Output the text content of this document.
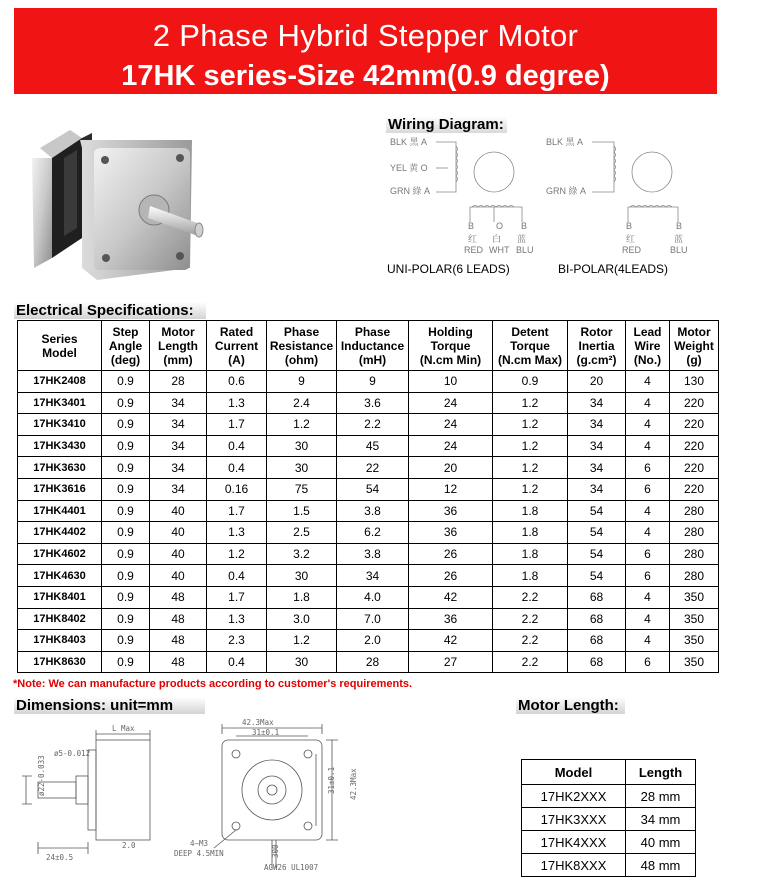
2 Phase Hybrid Stepper Motor
17HK series-Size 42mm(0.9 degree)
Wiring Diagram:
BLK 黑 A
YEL 黄 O
GRN 綠 A
B O B
红 白 蓝
RED WHT BLU
BLK 黑 A
GRN 綠 A
B	B
红	蓝
RED	BLU
UNI-POLAR(6 LEADS)	BI-POLAR(4LEADS)
Electrical Specifications:
Series
Model	Step
Angle
(deg)	Motor
Length
(mm)	Rated
Current
(A)	Phase
Resistance
(ohm)	Phase
Inductance
(mH)	Holding
Torque
(N.cm Min)	Detent
Torque
(N.cm Max)	Rotor
Inertia
(g.cm²)	Lead
Wire
(No.)	Motor
Weight
(g)
17HK2408	0.9	28	0.6	9	9	10	0.9	20	4	130
17HK3401	0.9	34	1.3	2.4	3.6	24	1.2	34	4	220
17HK3410	0.9	34	1.7	1.2	2.2	24	1.2	34	4	220
17HK3430	0.9	34	0.4	30	45	24	1.2	34	4	220
17HK3630	0.9	34	0.4	30	22	20	1.2	34	6	220
17HK3616	0.9	34	0.16	75	54	12	1.2	34	6	220
17HK4401	0.9	40	1.7	1.5	3.8	36	1.8	54	4	280
17HK4402	0.9	40	1.3	2.5	6.2	36	1.8	54	4	280
17HK4602	0.9	40	1.2	3.2	3.8	26	1.8	54	6	280
17HK4630	0.9	40	0.4	30	34	26	1.8	54	6	280
17HK8401	0.9	48	1.7	1.8	4.0	42	2.2	68	4	350
17HK8402	0.9	48	1.3	3.0	7.0	36	2.2	68	4	350
17HK8403	0.9	48	2.3	1.2	2.0	42	2.2	68	4	350
17HK8630	0.9	48	0.4	30	28	27	2.2	68	6	350
*Note: We can manufacture products according to customer's requirements.
Dimensions: unit=mm	Motor Length:
L Max
ø5-0.012
ø22-0.033
24±0.5
2.0
42.3Max
31±0.1
31±0.1 42.3Max
4—M3
DEEP 4.5MIN	300
AGW26 UL1007
Model	Length
17HK2XXX	28 mm
17HK3XXX	34 mm
17HK4XXX	40 mm
17HK8XXX	48 mm
